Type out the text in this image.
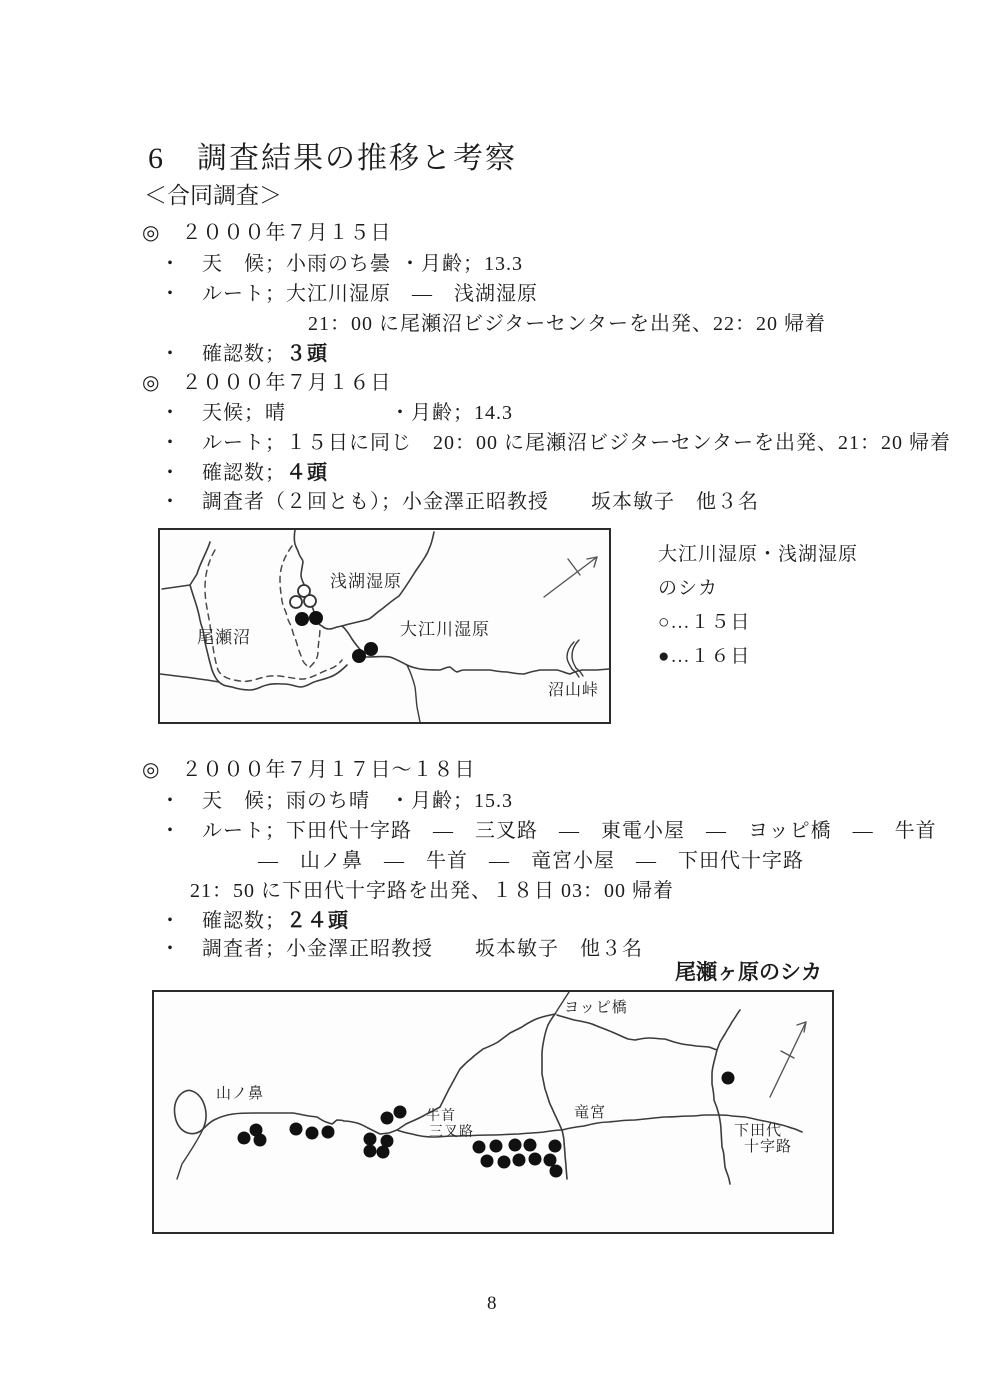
6　調査結果の推移と考察
＜合同調査＞
◎　２０００年７月１５日
・　天　候；小雨のち曇 ・月齢；13.3
・　ルート；大江川湿原　―　浅湖湿原
21：00 に尾瀬沼ビジターセンターを出発、22：20 帰着
・　確認数；３頭
◎　２０００年７月１６日
・　天候；晴	・月齢；14.3
・　ルート；１５日に同じ　20：00 に尾瀬沼ビジターセンターを出発、21：20 帰着
・　確認数；４頭
・　調査者（２回とも）；小金澤正昭教授　　坂本敏子　他３名
浅湖湿原
尾瀬沼	大江川湿原
沼山峠
大江川湿原・浅湖湿原
のシカ
○…１５日
●…１６日
◎　２０００年７月１７日～１８日
・　天　候；雨のち晴 ・月齢；15.3
・　ルート；下田代十字路　―　三叉路　―　東電小屋　―　ヨッピ橋　―　牛首
―　山ノ鼻　―　牛首　―　竜宮小屋　―　下田代十字路
21：50 に下田代十字路を出発、１８日 03：00 帰着
・　確認数；２４頭
・　調査者；小金澤正昭教授　　坂本敏子　他３名
尾瀬ヶ原のシカ
山ノ鼻
ヨッピ橋
牛首
三叉路
竜宮
下田代
十字路
8
